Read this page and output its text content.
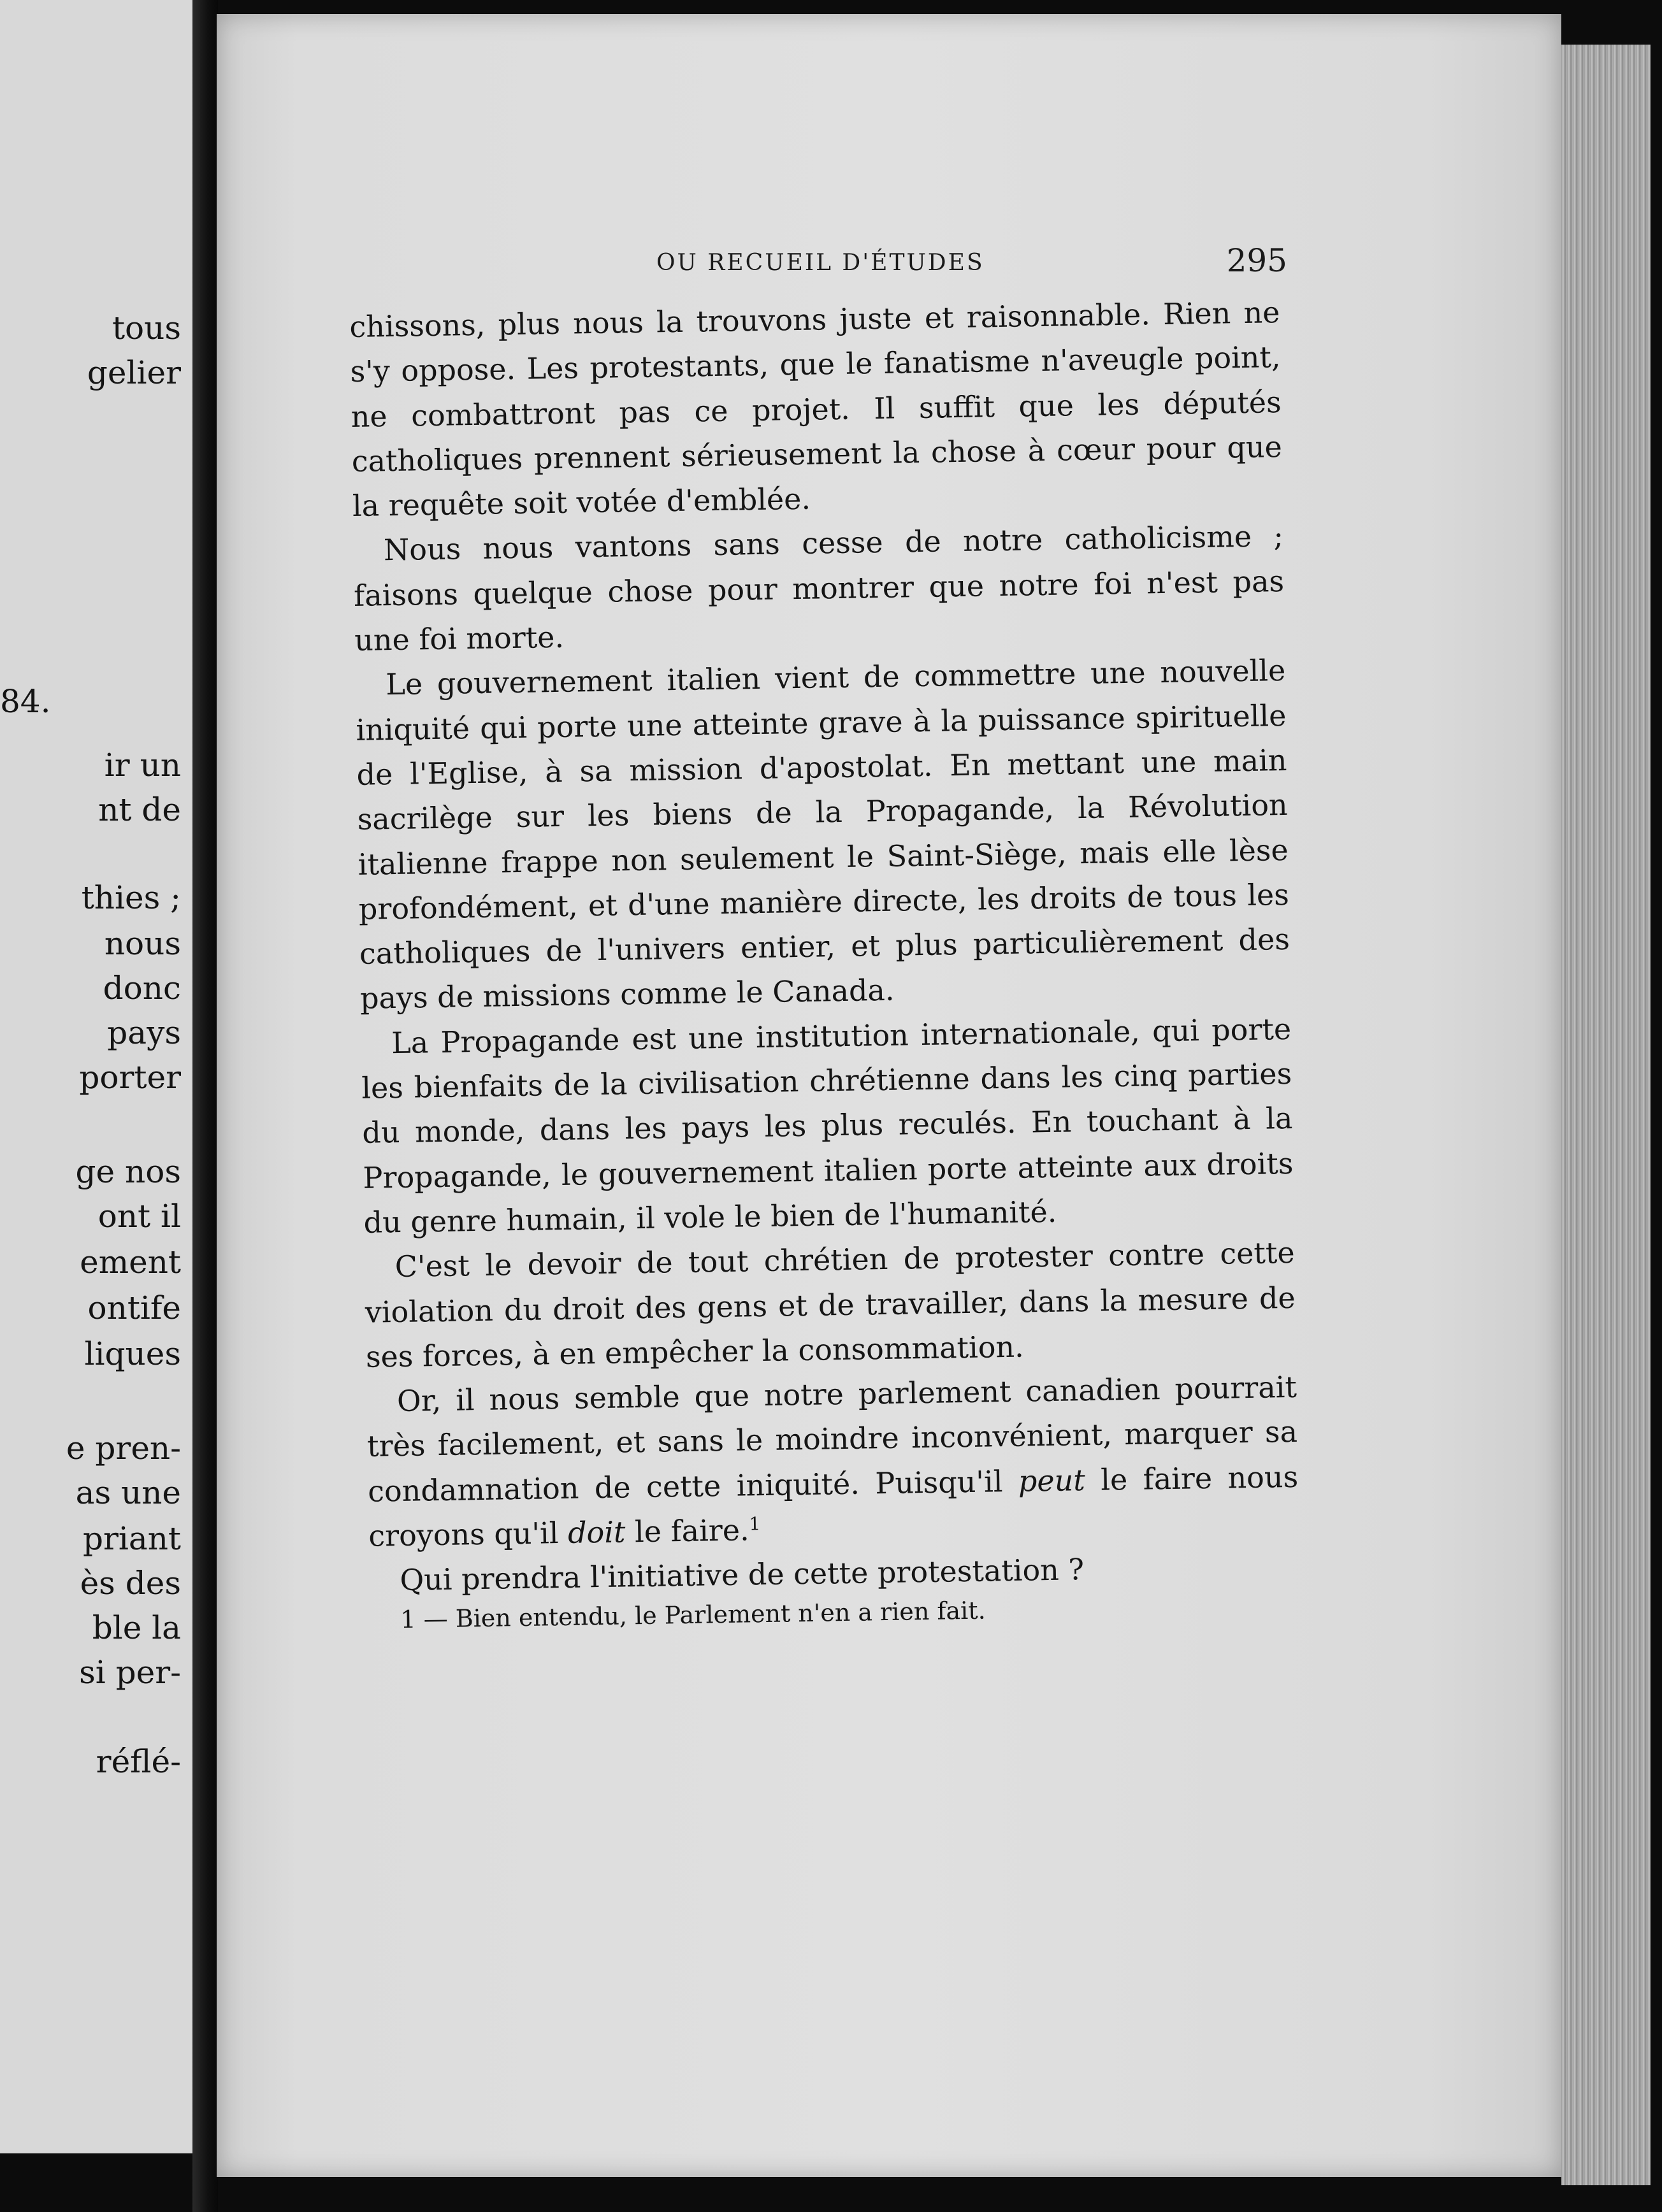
tous
gelier
84.
ir un
nt de
thies ;
nous
donc
pays
porter
ge nos
ont il
ement
ontife
liques
e pren-
as une
priant
ès des
ble la
si per-
réflé-
OU RECUEIL D'ÉTUDES	295

chissons, plus nous la trouvons juste et raisonnable. Rien ne s'y oppose. Les protestants, que le fanatisme n'aveugle point, ne combattront pas ce projet. Il suffit que les députés catholiques prennent sérieusement la chose à cœur pour que la requête soit votée d'emblée.

Nous nous vantons sans cesse de notre catholicisme ; faisons quelque chose pour montrer que notre foi n'est pas une foi morte.

Le gouvernement italien vient de commettre une nouvelle iniquité qui porte une atteinte grave à la puissance spirituelle de l'Eglise, à sa mission d'apostolat. En mettant une main sacrilège sur les biens de la Propagande, la Révolution italienne frappe non seulement le Saint-Siège, mais elle lèse profondément, et d'une manière directe, les droits de tous les catholiques de l'univers entier, et plus particulièrement des pays de missions comme le Canada.

La Propagande est une institution internationale, qui porte les bienfaits de la civilisation chrétienne dans les cinq parties du monde, dans les pays les plus reculés. En touchant à la Propagande, le gouvernement italien porte atteinte aux droits du genre humain, il vole le bien de l'humanité.

C'est le devoir de tout chrétien de protester contre cette violation du droit des gens et de travailler, dans la mesure de ses forces, à en empêcher la consommation.

Or, il nous semble que notre parlement canadien pourrait très facilement, et sans le moindre inconvénient, marquer sa condamnation de cette iniquité. Puisqu'il peut le faire nous croyons qu'il doit le faire.$^1$

Qui prendra l'initiative de cette protestation ?

1 — Bien entendu, le Parlement n'en a rien fait.
